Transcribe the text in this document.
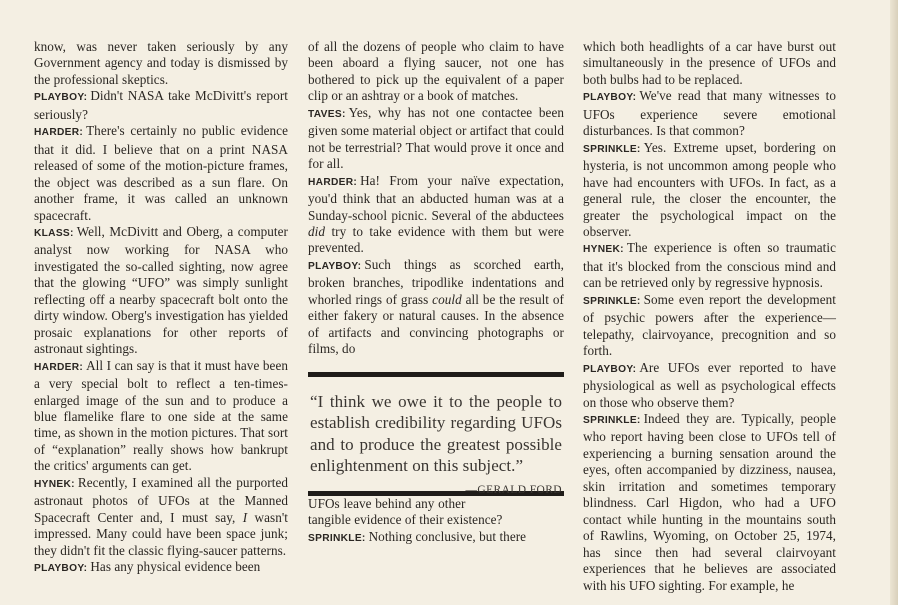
know, was never taken seriously by any Government agency and today is dismissed by the professional skeptics.

PLAYBOY: Didn't NASA take McDivitt's report seriously?

HARDER: There's certainly no public evidence that it did. I believe that on a print NASA released of some of the motion-picture frames, the object was described as a sun flare. On another frame, it was called an unknown spacecraft.

KLASS: Well, McDivitt and Oberg, a computer analyst now working for NASA who investigated the so-called sighting, now agree that the glowing “UFO” was simply sunlight reflecting off a nearby spacecraft bolt onto the dirty window. Oberg's investigation has yielded prosaic explanations for other reports of astronaut sightings.

HARDER: All I can say is that it must have been a very special bolt to reflect a ten-times-enlarged image of the sun and to produce a blue flamelike flare to one side at the same time, as shown in the motion pictures. That sort of “explanation” really shows how bankrupt the critics' arguments can get.

HYNEK: Recently, I examined all the purported astronaut photos of UFOs at the Manned Spacecraft Center and, I must say, I wasn't impressed. Many could have been space junk; they didn't fit the classic flying-saucer patterns.

PLAYBOY: Has any physical evidence been

of all the dozens of people who claim to have been aboard a flying saucer, not one has bothered to pick up the equivalent of a paper clip or an ashtray or a book of matches.

TAVES: Yes, why has not one contactee been given some material object or artifact that could not be terrestrial? That would prove it once and for all.

HARDER: Ha! From your naïve expectation, you'd think that an abducted human was at a Sunday-school picnic. Several of the abductees did try to take evidence with them but were prevented.

PLAYBOY: Such things as scorched earth, broken branches, tripodlike indentations and whorled rings of grass could all be the result of either fakery or natural causes. In the absence of artifacts and convincing photographs or films, do

“I think we owe it to the people to establish credibility regarding UFOs and to produce the greatest possible enlightenment on this subject.”
—GERALD FORD

UFOs leave behind any other tangible evidence of their existence?

SPRINKLE: Nothing conclusive, but there

which both headlights of a car have burst out simultaneously in the presence of UFOs and both bulbs had to be replaced.

PLAYBOY: We've read that many witnesses to UFOs experience severe emotional disturbances. Is that common?

SPRINKLE: Yes. Extreme upset, bordering on hysteria, is not uncommon among people who have had encounters with UFOs. In fact, as a general rule, the closer the encounter, the greater the psychological impact on the observer.

HYNEK: The experience is often so traumatic that it's blocked from the conscious mind and can be retrieved only by regressive hypnosis.

SPRINKLE: Some even report the development of psychic powers after the experience—telepathy, clairvoyance, precognition and so forth.

PLAYBOY: Are UFOs ever reported to have physiological as well as psychological effects on those who observe them?

SPRINKLE: Indeed they are. Typically, people who report having been close to UFOs tell of experiencing a burning sensation around the eyes, often accompanied by dizziness, nausea, skin irritation and sometimes temporary blindness. Carl Higdon, who had a UFO contact while hunting in the mountains south of Rawlins, Wyoming, on October 25, 1974, has since then had several clairvoyant experiences that he believes are associated with his UFO sighting. For example, he
